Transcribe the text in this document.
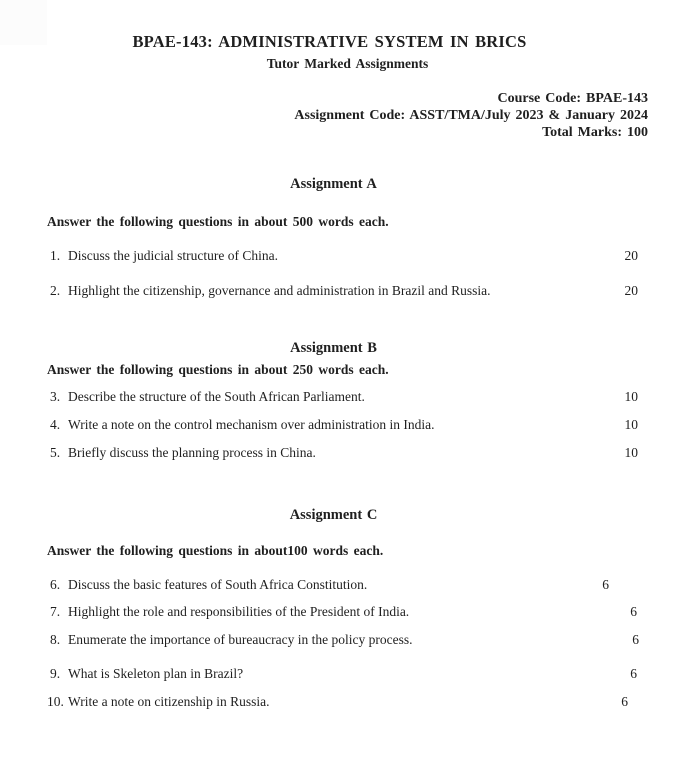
BPAE-143: ADMINISTRATIVE SYSTEM IN BRICS
Tutor Marked Assignments
Course Code: BPAE-143
Assignment Code: ASST/TMA/July 2023 & January 2024
Total Marks: 100
Assignment A
Answer the following questions in about 500 words each.
1. Discuss the judicial structure of China.	20
2. Highlight the citizenship, governance and administration in Brazil and Russia.	20
Assignment B
Answer the following questions in about 250 words each.
3. Describe the structure of the South African Parliament.	10
4. Write a note on the control mechanism over administration in India.	10
5. Briefly discuss the planning process in China.	10
Assignment C
Answer the following questions in about100 words each.
6. Discuss the basic features of South Africa Constitution.	6
7. Highlight the role and responsibilities of the President of India.	6
8. Enumerate the importance of bureaucracy in the policy process.	6
9. What is Skeleton plan in Brazil?	6
10. Write a note on citizenship in Russia.	6
